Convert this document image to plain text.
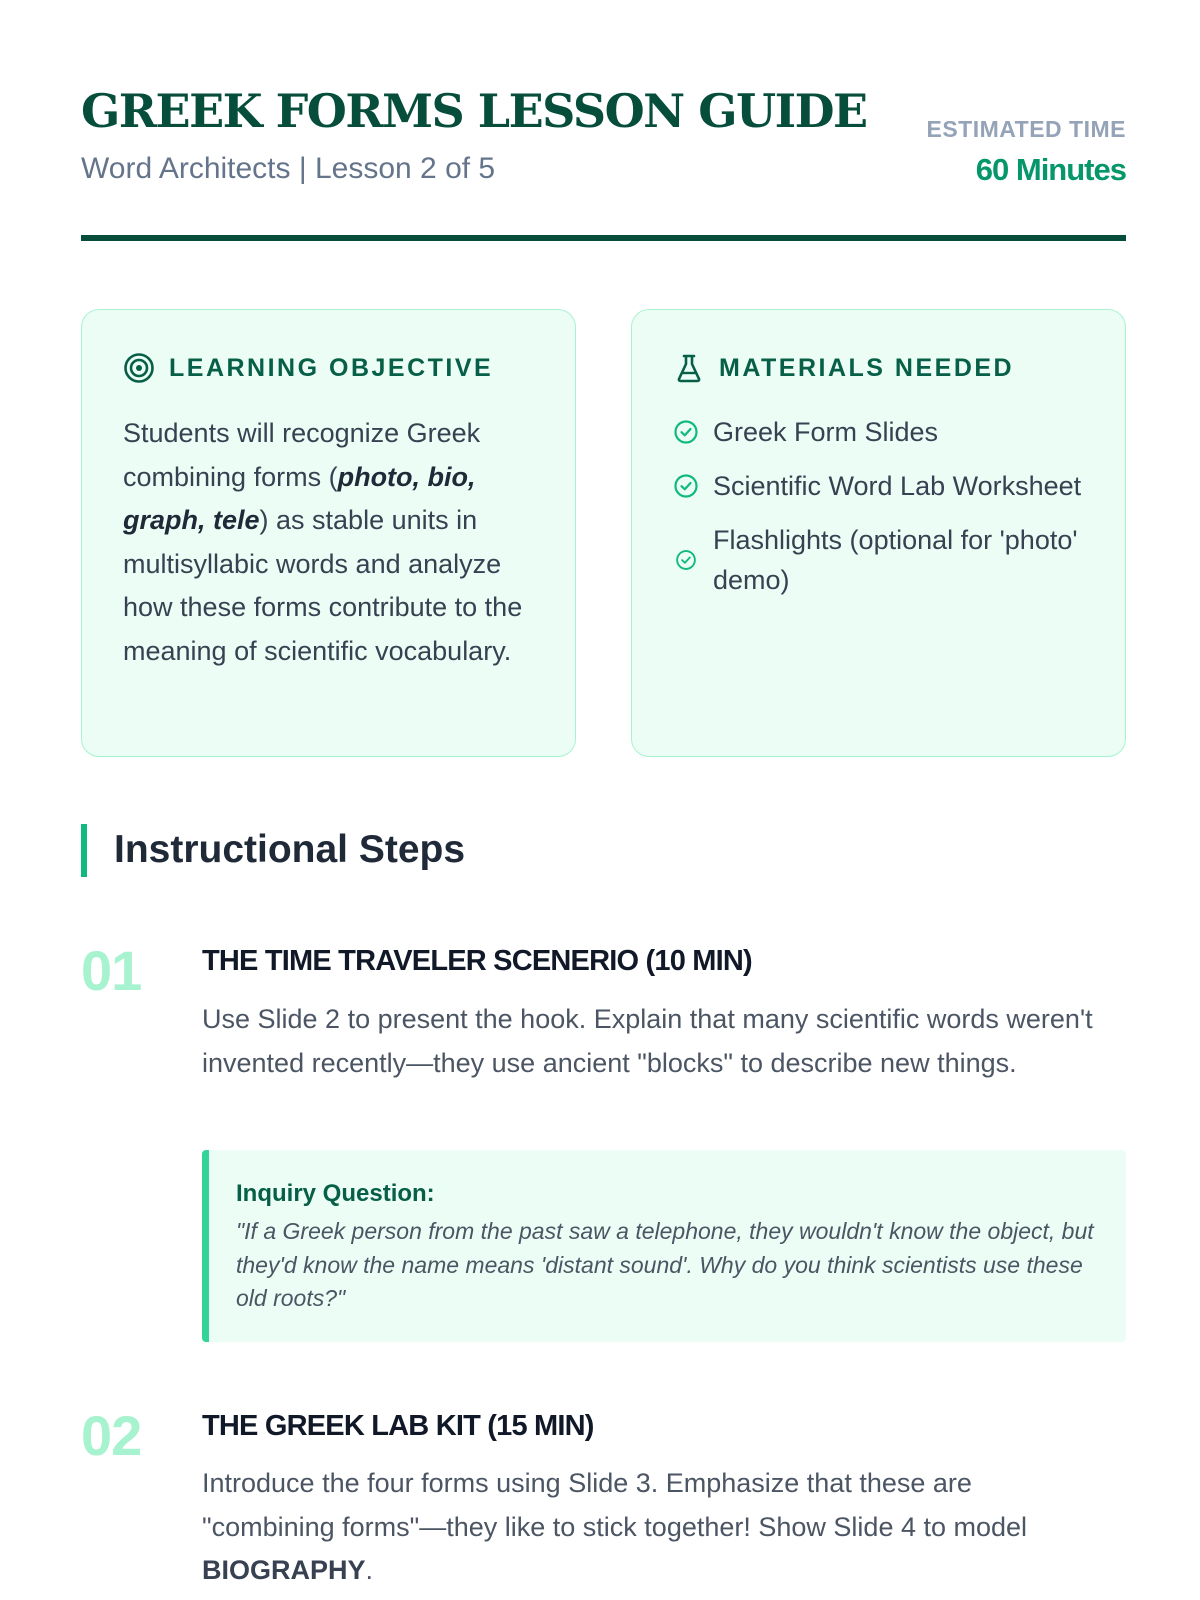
GREEK FORMS LESSON GUIDE
Word Architects | Lesson 2 of 5
ESTIMATED TIME
60 Minutes
LEARNING OBJECTIVE

Students will recognize Greek combining forms (photo, bio, graph, tele) as stable units in multisyllabic words and analyze how these forms contribute to the meaning of scientific vocabulary.

MATERIALS NEEDED
Greek Form Slides
Scientific Word Lab Worksheet
Flashlights (optional for 'photo' demo)
Instructional Steps
01 THE TIME TRAVELER SCENERIO (10 MIN)

Use Slide 2 to present the hook. Explain that many scientific words weren't invented recently—they use ancient "blocks" to describe new things.

Inquiry Question:

"If a Greek person from the past saw a telephone, they wouldn't know the object, but they'd know the name means 'distant sound'. Why do you think scientists use these old roots?"

02 THE GREEK LAB KIT (15 MIN)

Introduce the four forms using Slide 3. Emphasize that these are "combining forms"—they like to stick together! Show Slide 4 to model BIOGRAPHY.
